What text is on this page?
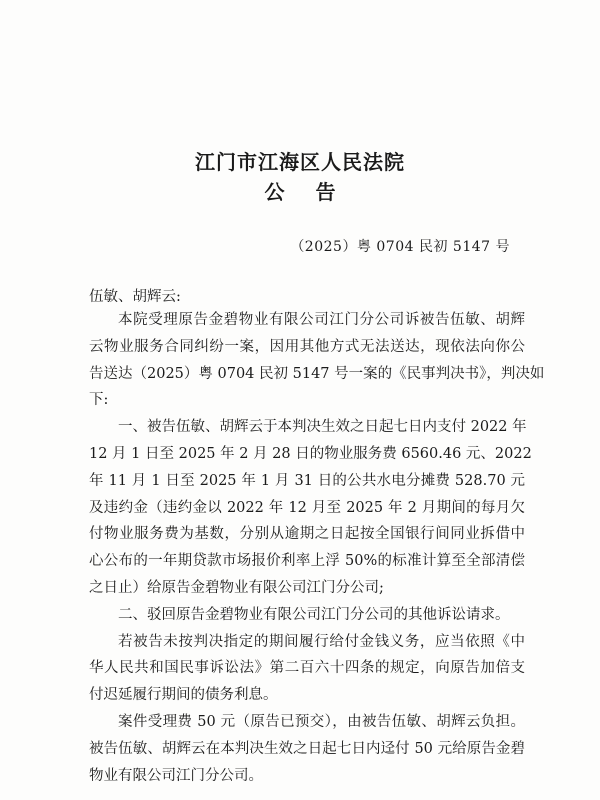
江门市江海区人民法院
公 告
（2025）粤 0704 民初 5147 号
伍敏、胡辉云:
本院受理原告金碧物业有限公司江门分公司诉被告伍敏、胡辉
云物业服务合同纠纷一案，因用其他方式无法送达，现依法向你公
告送达（2025）粤 0704 民初 5147 号一案的《民事判决书》，判决如
下:
一、被告伍敏、胡辉云于本判决生效之日起七日内支付 2022 年
12 月 1 日至 2025 年 2 月 28 日的物业服务费 6560.46 元、2022
年 11 月 1 日至 2025 年 1 月 31 日的公共水电分摊费 528.70 元
及违约金（违约金以 2022 年 12 月至 2025 年 2 月期间的每月欠
付物业服务费为基数，分别从逾期之日起按全国银行间同业拆借中
心公布的一年期贷款市场报价利率上浮 50%的标准计算至全部清偿
之日止）给原告金碧物业有限公司江门分公司;
二、驳回原告金碧物业有限公司江门分公司的其他诉讼请求。
若被告未按判决指定的期间履行给付金钱义务，应当依照《中
华人民共和国民事诉讼法》第二百六十四条的规定，向原告加倍支
付迟延履行期间的债务利息。
案件受理费 50 元（原告已预交），由被告伍敏、胡辉云负担。
被告伍敏、胡辉云在本判决生效之日起七日内迳付 50 元给原告金碧
物业有限公司江门分公司。
